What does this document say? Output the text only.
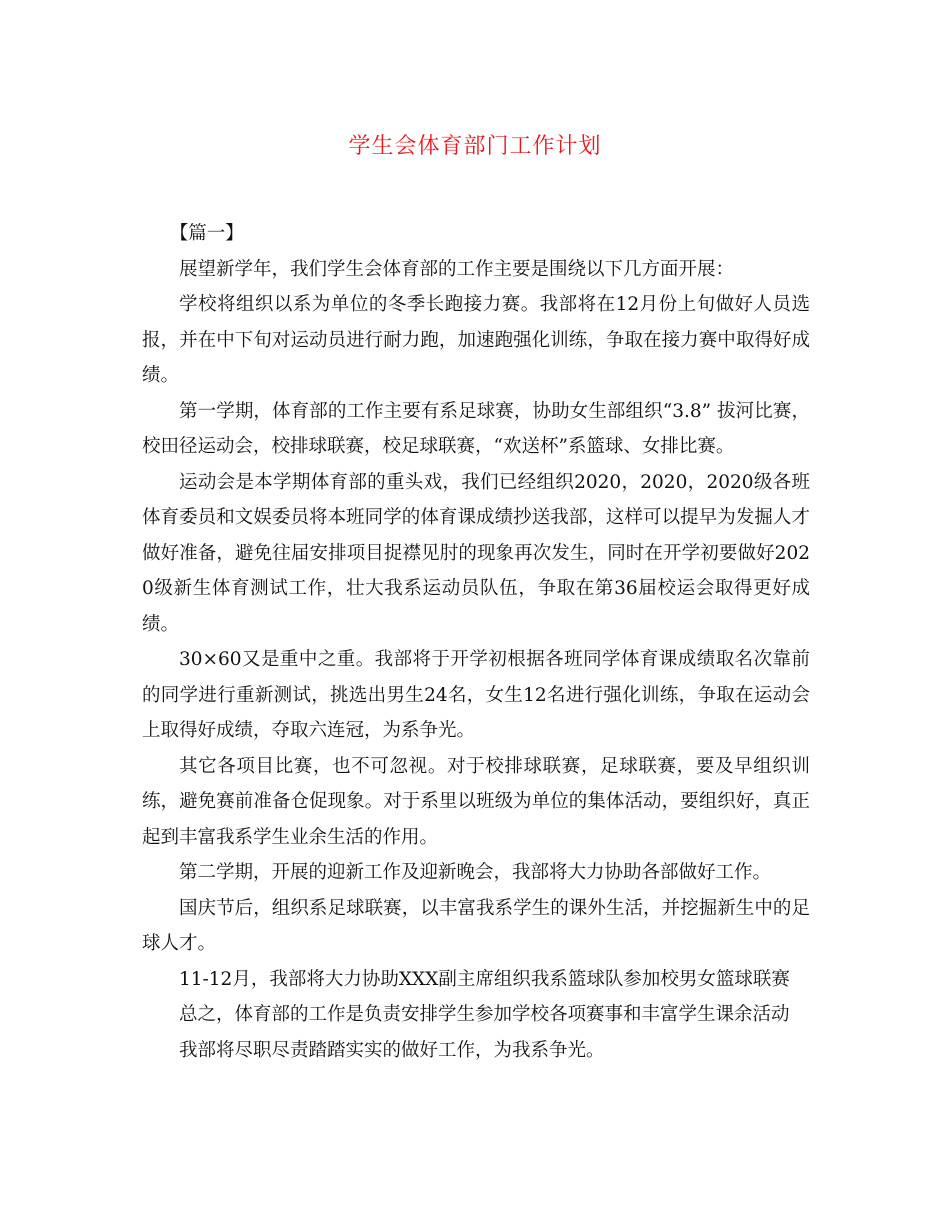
学生会体育部门工作计划

【篇一】

展望新学年，我们学生会体育部的工作主要是围绕以下几方面开展：

学校将组织以系为单位的冬季长跑接力赛。我部将在12月份上旬做好人员选报，并在中下旬对运动员进行耐力跑，加速跑强化训练，争取在接力赛中取得好成绩。

第一学期，体育部的工作主要有系足球赛，协助女生部组织“3.8” 拔河比赛，校田径运动会，校排球联赛，校足球联赛，“欢送杯”系篮球、女排比赛。

运动会是本学期体育部的重头戏，我们已经组织2020，2020，2020级各班体育委员和文娱委员将本班同学的体育课成绩抄送我部，这样可以提早为发掘人才做好准备，避免往届安排项目捉襟见肘的现象再次发生，同时在开学初要做好2020级新生体育测试工作，壮大我系运动员队伍，争取在第36届校运会取得更好成绩。

30×60又是重中之重。我部将于开学初根据各班同学体育课成绩取名次靠前的同学进行重新测试，挑选出男生24名，女生12名进行强化训练，争取在运动会上取得好成绩，夺取六连冠，为系争光。

其它各项目比赛，也不可忽视。对于校排球联赛，足球联赛，要及早组织训练，避免赛前准备仓促现象。对于系里以班级为单位的集体活动，要组织好，真正起到丰富我系学生业余生活的作用。

第二学期，开展的迎新工作及迎新晚会，我部将大力协助各部做好工作。

国庆节后，组织系足球联赛，以丰富我系学生的课外生活，并挖掘新生中的足球人才。

11-12月，我部将大力协助XXX副主席组织我系篮球队参加校男女篮球联赛

总之，体育部的工作是负责安排学生参加学校各项赛事和丰富学生课余活动

我部将尽职尽责踏踏实实的做好工作，为我系争光。
